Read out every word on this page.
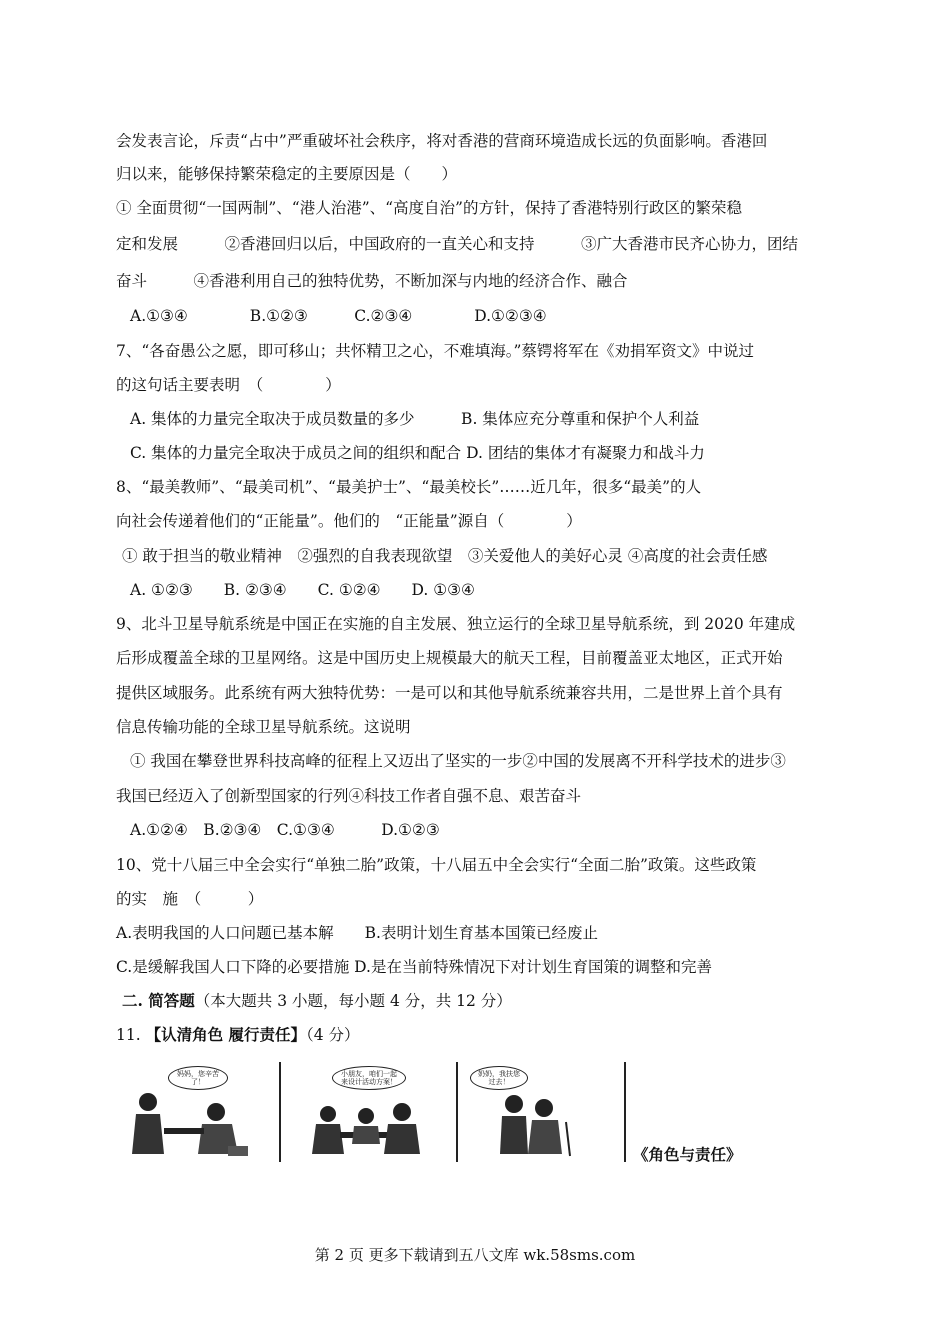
会发表言论，斥责“占中”严重破坏社会秩序，将对香港的营商环境造成长远的负面影响。香港回
归以来，能够保持繁荣稳定的主要原因是（　　）
① 全面贯彻“一国两制”、“港人治港”、“高度自治”的方针，保持了香港特别行政区的繁荣稳
定和发展　　　②香港回归以后，中国政府的一直关心和支持　　　③广大香港市民齐心协力，团结
奋斗　　　④香港利用自己的独特优势，不断加深与内地的经济合作、融合
A.①③④　　　　B.①②③　　　C.②③④　　　　D.①②③④
7、“各奋愚公之愿，即可移山；共怀精卫之心，不难填海。”蔡锷将军在《劝捐军资文》中说过
的这句话主要表明　（　　　　）
A. 集体的力量完全取决于成员数量的多少　　　B. 集体应充分尊重和保护个人利益
C. 集体的力量完全取决于成员之间的组织和配合 D. 团结的集体才有凝聚力和战斗力
8、“最美教师”、“最美司机”、“最美护士”、“最美校长”……近几年，很多“最美”的人
向社会传递着他们的“正能量”。他们的　“正能量”源自（　　　　）
① 敢于担当的敬业精神　②强烈的自我表现欲望　③关爱他人的美好心灵 ④高度的社会责任感
A. ①②③　　B. ②③④　　C. ①②④　　D. ①③④
9、北斗卫星导航系统是中国正在实施的自主发展、独立运行的全球卫星导航系统，到 2020 年建成
后形成覆盖全球的卫星网络。这是中国历史上规模最大的航天工程，目前覆盖亚太地区，正式开始
提供区域服务。此系统有两大独特优势：一是可以和其他导航系统兼容共用，二是世界上首个具有
信息传输功能的全球卫星导航系统。这说明
① 我国在攀登世界科技高峰的征程上又迈出了坚实的一步②中国的发展离不开科学技术的进步③
我国已经迈入了创新型国家的行列④科技工作者自强不息、艰苦奋斗
A.①②④　B.②③④　C.①③④　　　D.①②③
10、党十八届三中全会实行“单独二胎”政策，十八届五中全会实行“全面二胎”政策。这些政策
的实　施　（　　　）
A.表明我国的人口问题已基本解　　B.表明计划生育基本国策已经废止
C.是缓解我国人口下降的必要措施 D.是在当前特殊情况下对计划生育国策的调整和完善
二. 简答题（本大题共 3 小题，每小题 4 分，共 12 分）
11. 【认清角色 履行责任】（4 分）
妈妈，您辛苦了！
小朋友，咱们一起来设计活动方案！
奶奶，我扶您过去！
《角色与责任》
第 2 页 更多下载请到五八文库 wk.58sms.com
